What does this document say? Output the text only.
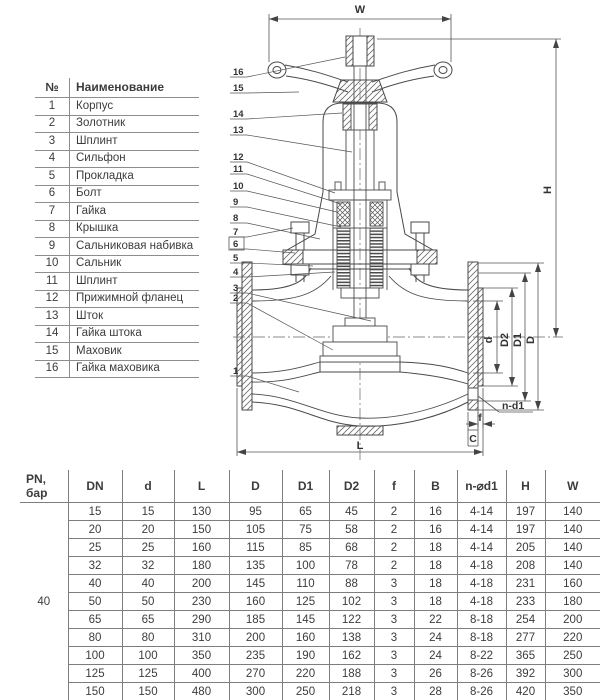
№	Наименование
1	Корпус
2	Золотник
3	Шплинт
4	Сильфон
5	Прокладка
6	Болт
7	Гайка
8	Крышка
9	Сальниковая набивка
10	Сальник
11	Шплинт
12	Прижимной фланец
13	Шток
14	Гайка штока
15	Маховик
16	Гайка маховика
W
H
L
d D2 D1 D
f
C
n-d1
1
2
3
4
5
6
7
8
9
10
11
12
13
14
15
16
PN,
бар	DN	d	L	D	D1	D2	f	B	n-⌀d1	H	W
40	15	15	130	95	65	45	2	16	4-14	197	140
	20	20	150	105	75	58	2	16	4-14	197	140
	25	25	160	115	85	68	2	18	4-14	205	140
	32	32	180	135	100	78	2	18	4-18	208	140
	40	40	200	145	110	88	3	18	4-18	231	160
	50	50	230	160	125	102	3	18	4-18	233	180
	65	65	290	185	145	122	3	22	8-18	254	200
	80	80	310	200	160	138	3	24	8-18	277	220
	100	100	350	235	190	162	3	24	8-22	365	250
	125	125	400	270	220	188	3	26	8-26	392	300
	150	150	480	300	250	218	3	28	8-26	420	350
